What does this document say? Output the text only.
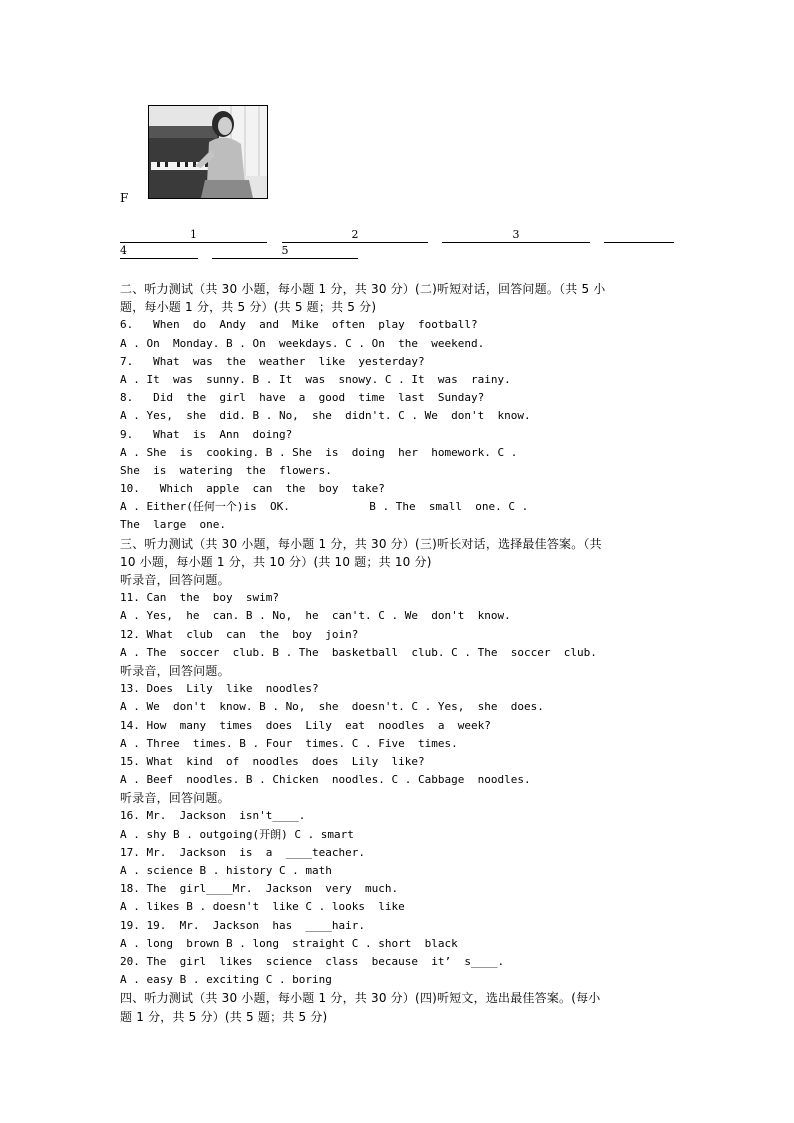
F
1	2	3
4	5
二、听力测试（共 30 小题，每小题 1 分，共 30 分）(二)听短对话，回答问题。（共 5 小
题，每小题 1 分，共 5 分）(共 5 题；共 5 分)
6.   When  do  Andy  and  Mike  often  play  football?
A . On  Monday. B . On  weekdays. C . On  the  weekend.
7.   What  was  the  weather  like  yesterday?
A . It  was  sunny. B . It  was  snowy. C . It  was  rainy.
8.   Did  the  girl  have  a  good  time  last  Sunday?
A . Yes,  she  did. B . No,  she  didn't. C . We  don't  know.
9.   What  is  Ann  doing?
A . She  is  cooking. B . She  is  doing  her  homework. C .
She  is  watering  the  flowers.
10.   Which  apple  can  the  boy  take?
A . Either(任何一个)is  OK.            B . The  small  one. C .
The  large  one.
三、听力测试（共 30 小题，每小题 1 分，共 30 分）(三)听长对话，选择最佳答案。（共
10 小题，每小题 1 分，共 10 分）(共 10 题；共 10 分)
听录音，回答问题。
11. Can  the  boy  swim?
A . Yes,  he  can. B . No,  he  can't. C . We  don't  know.
12. What  club  can  the  boy  join?
A . The  soccer  club. B . The  basketball  club. C . The  soccer  club.
听录音，回答问题。
13. Does  Lily  like  noodles?
A . We  don't  know. B . No,  she  doesn't. C . Yes,  she  does.
14. How  many  times  does  Lily  eat  noodles  a  week?
A . Three  times. B . Four  times. C . Five  times.
15. What  kind  of  noodles  does  Lily  like?
A . Beef  noodles. B . Chicken  noodles. C . Cabbage  noodles.
听录音，回答问题。
16. Mr.  Jackson  isn't____.
A . shy B . outgoing(开朗) C . smart
17. Mr.  Jackson  is  a  ____teacher.
A . science B . history C . math
18. The  girl____Mr.  Jackson  very  much.
A . likes B . doesn't  like C . looks  like
19. 19.  Mr.  Jackson  has  ____hair.
A . long  brown B . long  straight C . short  black
20. The  girl  likes  science  class  because  it’  s____.
A . easy B . exciting C . boring
四、听力测试（共 30 小题，每小题 1 分，共 30 分）(四)听短文，选出最佳答案。(每小
题 1 分，共 5 分）(共 5 题；共 5 分)
